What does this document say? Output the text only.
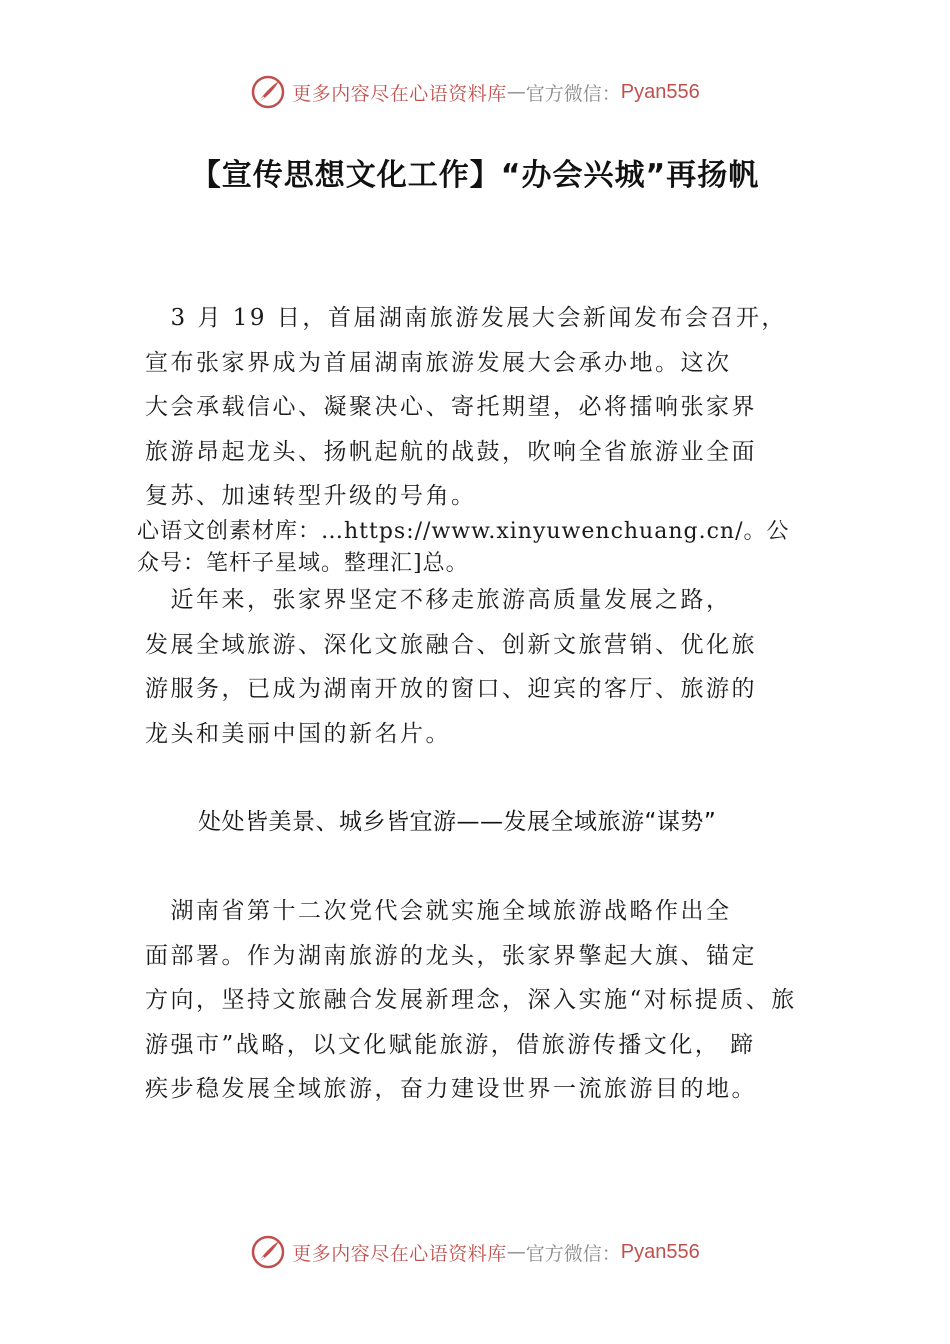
更多内容尽在心语资料库 — 官方微信： Pyan556
【宣传思想文化工作】“办会兴城”再扬帆
　3 月 19 日，首届湖南旅游发展大会新闻发布会召开，
宣布张家界成为首届湖南旅游发展大会承办地。这次
大会承载信心、凝聚决心、寄托期望，必将擂响张家界
旅游昂起龙头、扬帆起航的战鼓，吹响全省旅游业全面
复苏、加速转型升级的号角。
心语文创素材库：…https://www.xinyuwenchuang.cn/。公
众号：笔杆子星域。整理汇]总。
　近年来，张家界坚定不移走旅游高质量发展之路，
发展全域旅游、深化文旅融合、创新文旅营销、优化旅
游服务，已成为湖南开放的窗口、迎宾的客厅、旅游的
龙头和美丽中国的新名片。
处处皆美景、城乡皆宜游——发展全域旅游“谋势”
　湖南省第十二次党代会就实施全域旅游战略作出全
面部署。作为湖南旅游的龙头，张家界擎起大旗、锚定
方向，坚持文旅融合发展新理念，深入实施“对标提质、旅
游强市”战略，以文化赋能旅游，借旅游传播文化， 蹄
疾步稳发展全域旅游，奋力建设世界一流旅游目的地。
更多内容尽在心语资料库 — 官方微信： Pyan556
